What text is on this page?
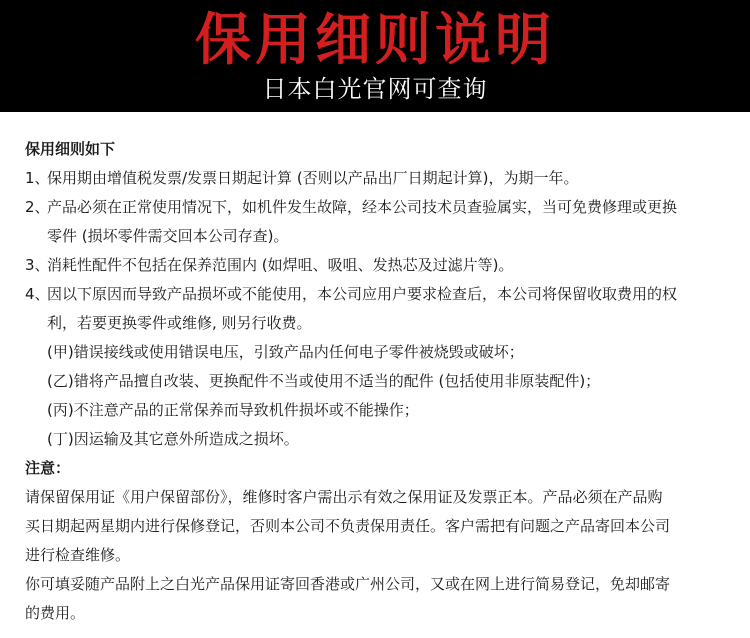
保用细则说明
日本白光官网可查询
保用细则如下
1、保用期由增值税发票/发票日期起计算 (否则以产品出厂日期起计算)，为期一年。
2、产品必须在正常使用情况下，如机件发生故障，经本公司技术员查验属实，当可免费修理或更换
零件 (损坏零件需交回本公司存查)。
3、消耗性配件不包括在保养范围内 (如焊咀、吸咀、发热芯及过滤片等)。
4、因以下原因而导致产品损坏或不能使用，本公司应用户要求检查后，本公司将保留收取费用的权
利，若要更换零件或维修, 则另行收费。
(甲)错误接线或使用错误电压，引致产品内任何电子零件被烧毁或破坏；
(乙)错将产品擅自改装、更换配件不当或使用不适当的配件 (包括使用非原装配件)；
(丙)不注意产品的正常保养而导致机件损坏或不能操作；
(丁)因运输及其它意外所造成之损坏。
注意：
请保留保用证《用户保留部份》，维修时客户需出示有效之保用证及发票正本。产品必须在产品购
买日期起两星期内进行保修登记，否则本公司不负责保用责任。客户需把有问题之产品寄回本公司
进行检查维修。
你可填妥随产品附上之白光产品保用证寄回香港或广州公司，又或在网上进行简易登记，免却邮寄
的费用。
